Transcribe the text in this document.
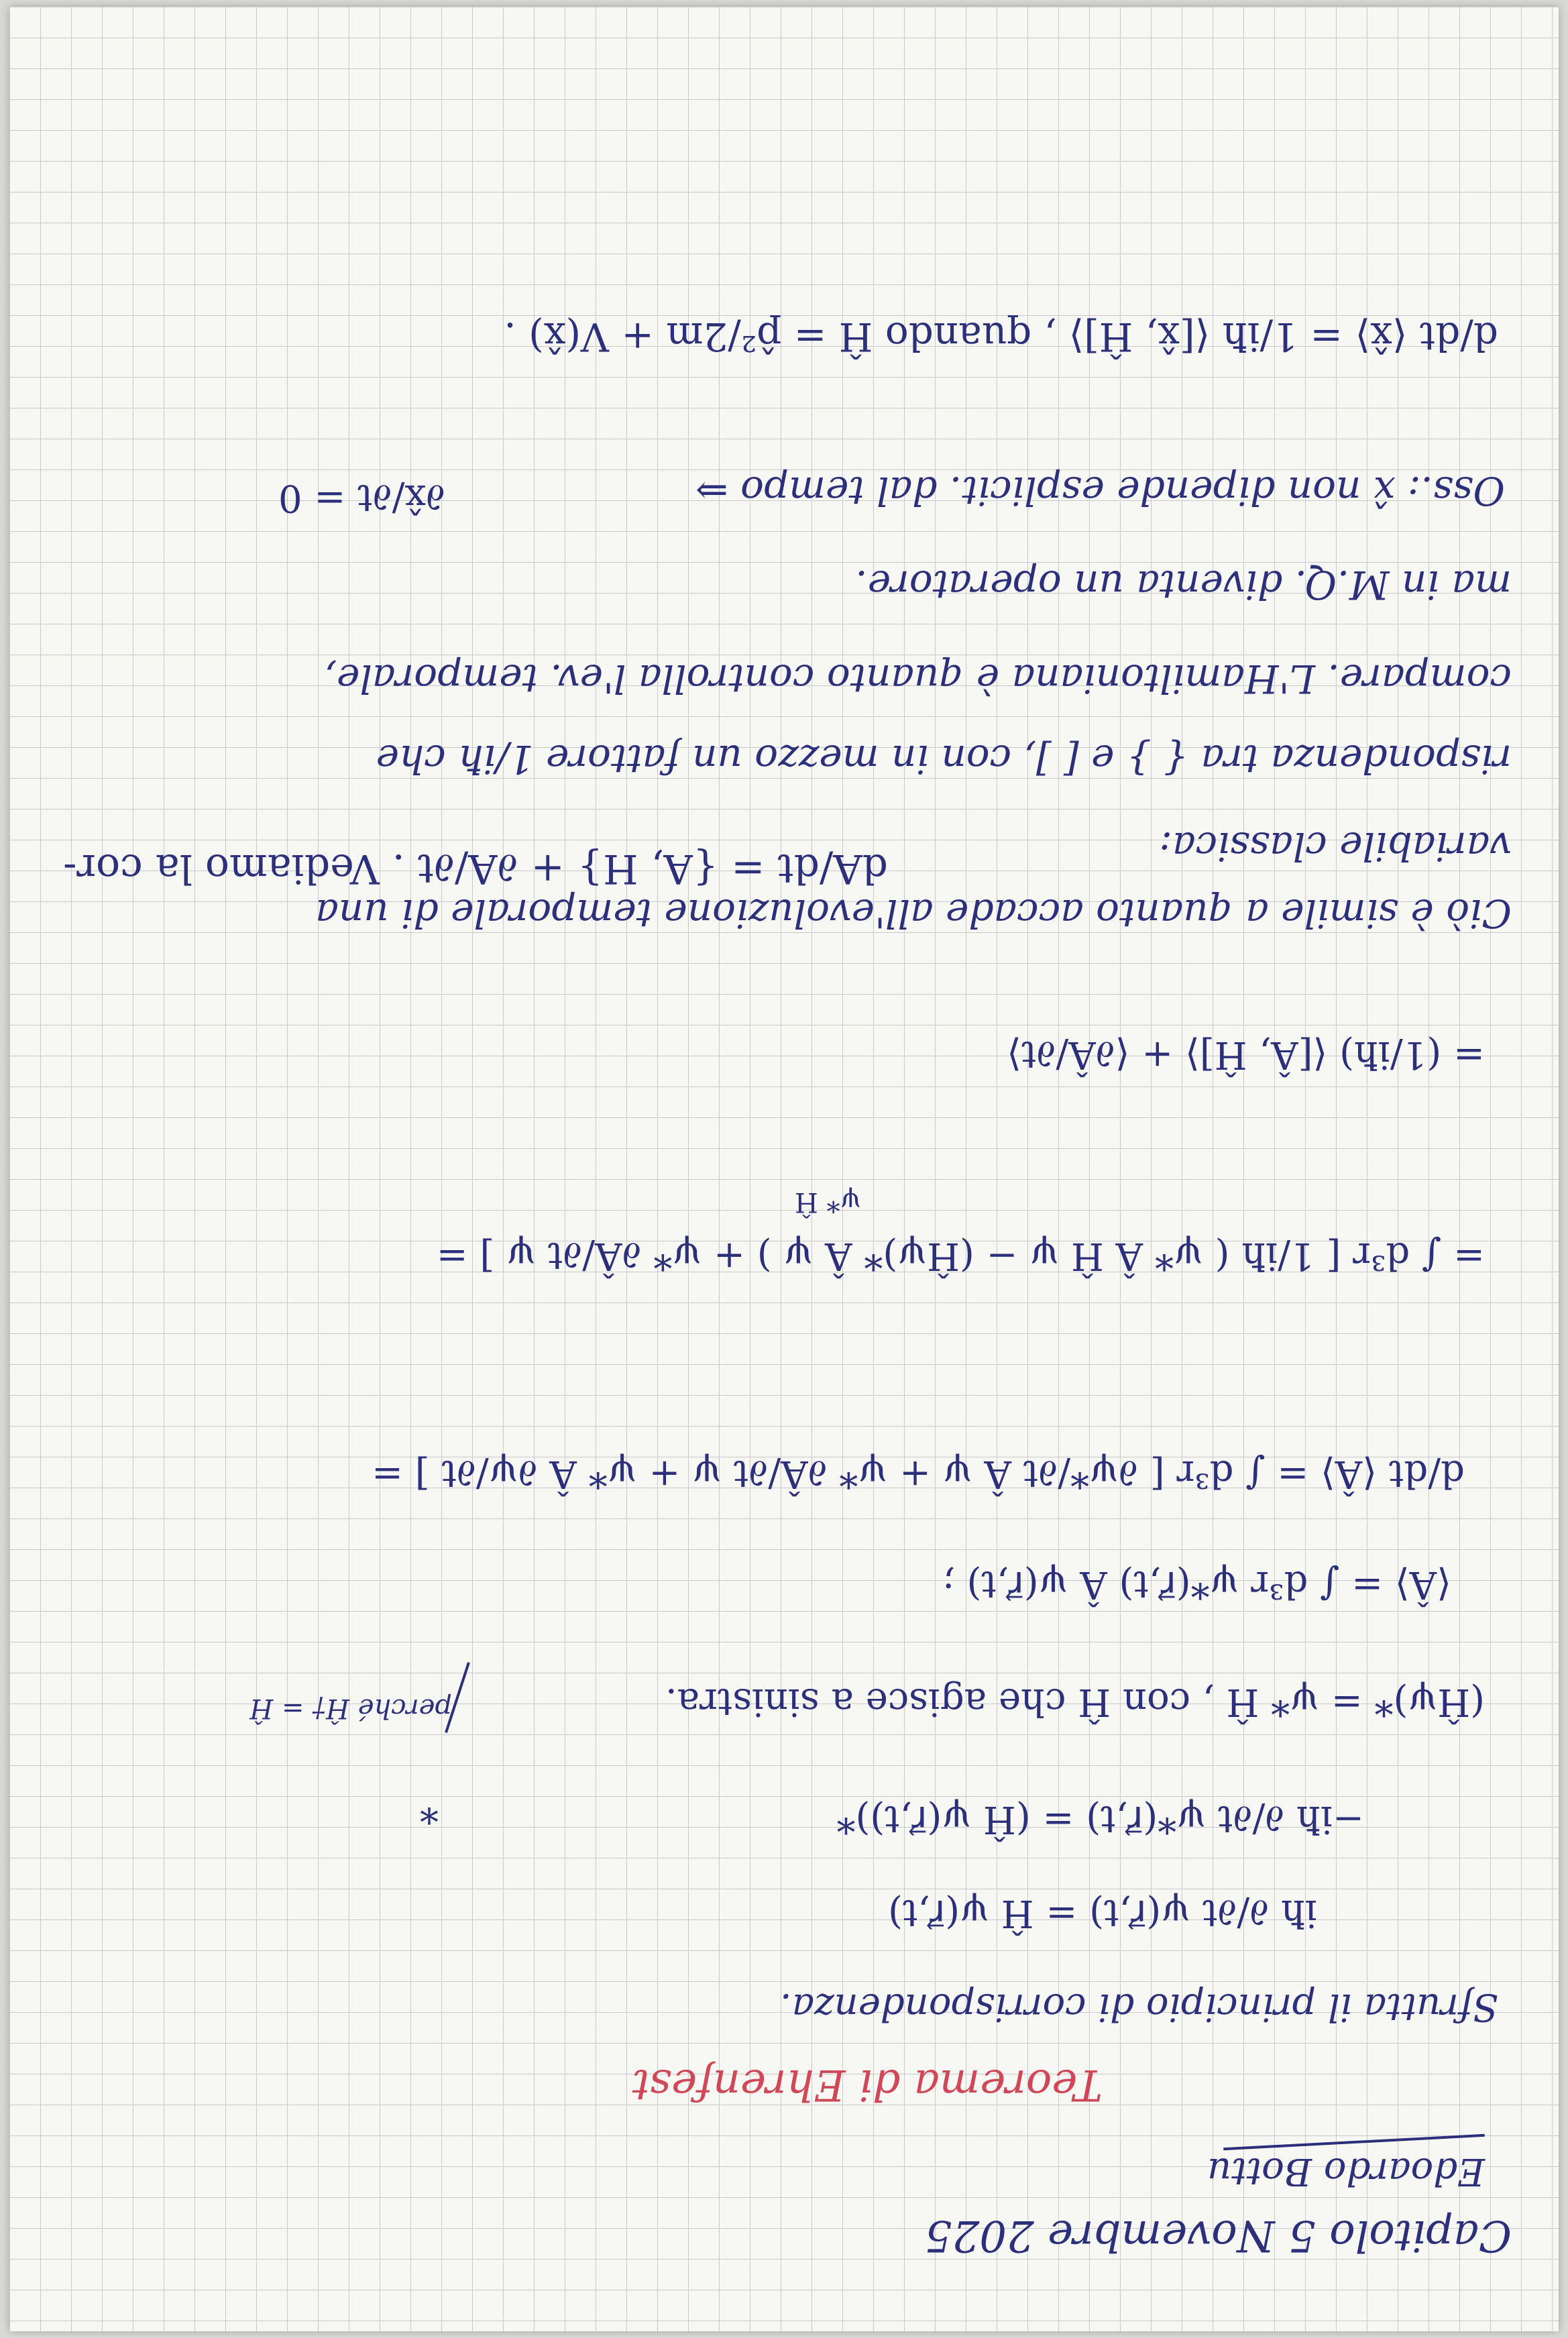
Capitolo 5 Novembre 2025
Edoardo Bottu
Teorema di Ehrenfest
Sfrutta il principio di corrispondenza.
iħ ∂/∂t ψ(r⃗,t) = Ĥ ψ(r⃗,t)
−iħ ∂/∂t ψ*(r⃗,t) = (Ĥ ψ(r⃗,t))*
*
(Ĥψ)* = ψ* Ĥ , con Ĥ che agisce a sinistra.
perché Ĥ† = Ĥ
⟨Â⟩ = ∫ d³r ψ*(r⃗,t) Â ψ(r⃗,t) ;
d/dt ⟨Â⟩ = ∫ d³r [ ∂ψ*/∂t Â ψ + ψ* ∂Â/∂t ψ + ψ* Â ∂ψ/∂t ] =
= ∫ d³r [ 1/iħ ( ψ* Â Ĥ ψ − (Ĥψ)* Â ψ ) + ψ* ∂Â/∂t ψ ] =
ψ* Ĥ
= (1/iħ) ⟨[Â, Ĥ]⟩ + ⟨∂Â/∂t⟩
Ciò è simile a quanto accade all'evoluzione temporale di una
variabile classica:
dA/dt = {A, H} + ∂A/∂t . Vediamo la cor-
rispondenza tra { } e [ ], con in mezzo un fattore 1/iħ che
compare. L'Hamiltoniana è quanto controlla l'ev. temporale,
ma in M.Q. diventa un operatore.
Oss.: x̂ non dipende esplicit. dal tempo ⇒
∂x̂/∂t = 0
d/dt ⟨x̂⟩ = 1/iħ ⟨[x̂, Ĥ]⟩ , quando Ĥ = p̂²/2m + V(x̂) .
